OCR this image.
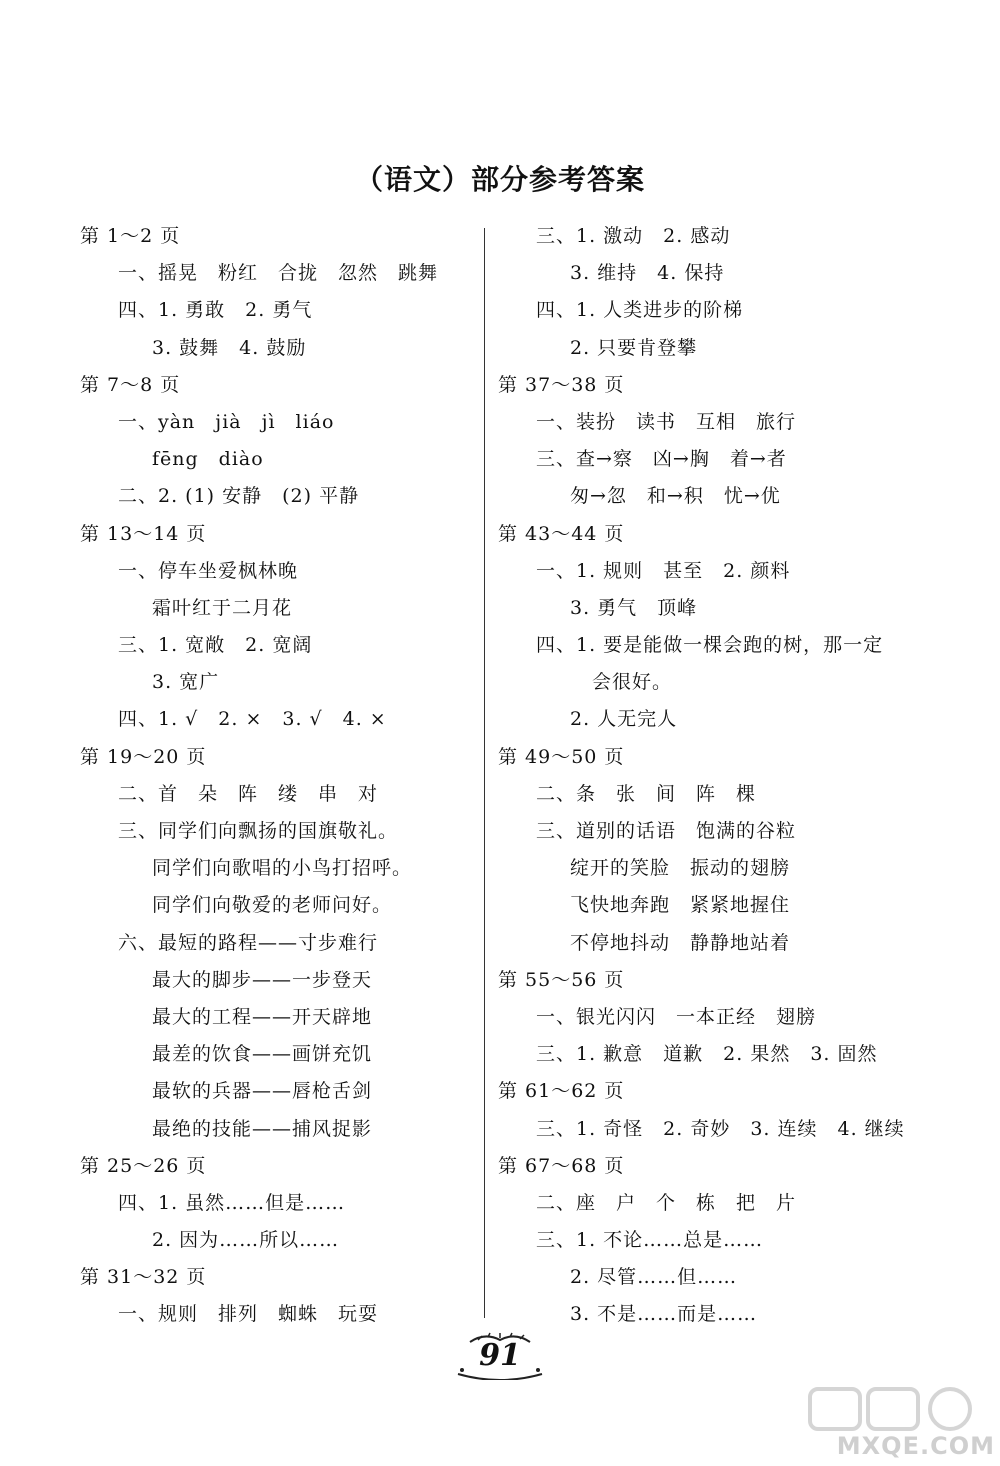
（语文）部分参考答案
第 1～2 页
一、摇晃　粉红　合拢　忽然　跳舞
四、1. 勇敢　2. 勇气
3. 鼓舞　4. 鼓励
第 7～8 页
一、yàn　jià　jì　liáo
fēng　diào
二、2. (1) 安静　(2) 平静
第 13～14 页
一、停车坐爱枫林晚
霜叶红于二月花
三、1. 宽敞　2. 宽阔
3. 宽广
四、1. √　2. ×　3. √　4. ×
第 19～20 页
二、首　朵　阵　缕　串　对
三、同学们向飘扬的国旗敬礼。
同学们向歌唱的小鸟打招呼。
同学们向敬爱的老师问好。
六、最短的路程——寸步难行
最大的脚步——一步登天
最大的工程——开天辟地
最差的饮食——画饼充饥
最软的兵器——唇枪舌剑
最绝的技能——捕风捉影
第 25～26 页
四、1. 虽然……但是……
2. 因为……所以……
第 31～32 页
一、规则　排列　蜘蛛　玩耍
三、1. 激动　2. 感动
3. 维持　4. 保持
四、1. 人类进步的阶梯
2. 只要肯登攀
第 37～38 页
一、装扮　读书　互相　旅行
三、查→察　凶→胸　着→者
匆→忽　和→积　忧→优
第 43～44 页
一、1. 规则　甚至　2. 颜料
3. 勇气　顶峰
四、1. 要是能做一棵会跑的树，那一定
会很好。
2. 人无完人
第 49～50 页
二、条　张　间　阵　棵
三、道别的话语　饱满的谷粒
绽开的笑脸　振动的翅膀
飞快地奔跑　紧紧地握住
不停地抖动　静静地站着
第 55～56 页
一、银光闪闪　一本正经　翅膀
三、1. 歉意　道歉　2. 果然　3. 固然
第 61～62 页
三、1. 奇怪　2. 奇妙　3. 连续　4. 继续
第 67～68 页
二、座　户　个　栋　把　片
三、1. 不论……总是……
2. 尽管……但……
3. 不是……而是……
91
MXQE.COM
